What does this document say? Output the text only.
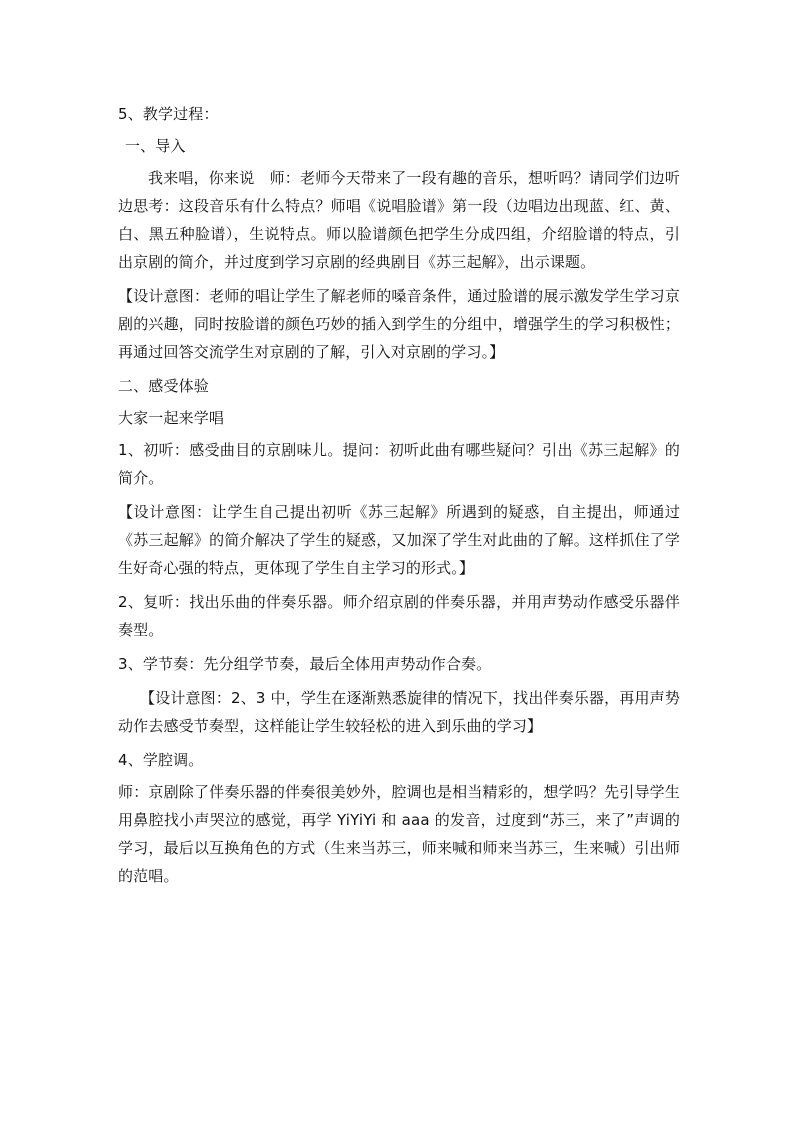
5、教学过程：

一、导入

我来唱，你来说　师：老师今天带来了一段有趣的音乐，想听吗？请同学们边听边思考：这段音乐有什么特点？师唱《说唱脸谱》第一段（边唱边出现蓝、红、黄、白、黑五种脸谱），生说特点。师以脸谱颜色把学生分成四组，介绍脸谱的特点，引出京剧的简介，并过度到学习京剧的经典剧目《苏三起解》，出示课题。

【设计意图：老师的唱让学生了解老师的嗓音条件，通过脸谱的展示激发学生学习京剧的兴趣，同时按脸谱的颜色巧妙的插入到学生的分组中，增强学生的学习积极性；再通过回答交流学生对京剧的了解，引入对京剧的学习。】

二、感受体验

大家一起来学唱

1、初听：感受曲目的京剧味儿。提问：初听此曲有哪些疑问？引出《苏三起解》的简介。

【设计意图：让学生自己提出初听《苏三起解》所遇到的疑惑，自主提出，师通过《苏三起解》的简介解决了学生的疑惑，又加深了学生对此曲的了解。这样抓住了学生好奇心强的特点，更体现了学生自主学习的形式。】

2、复听：找出乐曲的伴奏乐器。师介绍京剧的伴奏乐器，并用声势动作感受乐器伴奏型。

3、学节奏：先分组学节奏，最后全体用声势动作合奏。

【设计意图：2、3 中，学生在逐渐熟悉旋律的情况下，找出伴奏乐器，再用声势动作去感受节奏型，这样能让学生较轻松的进入到乐曲的学习】

4、学腔调。

师：京剧除了伴奏乐器的伴奏很美妙外，腔调也是相当精彩的，想学吗？先引导学生用鼻腔找小声哭泣的感觉，再学 YiYiYi 和 aaa 的发音，过度到“苏三，来了”声调的学习，最后以互换角色的方式（生来当苏三，师来喊和师来当苏三，生来喊）引出师的范唱。
